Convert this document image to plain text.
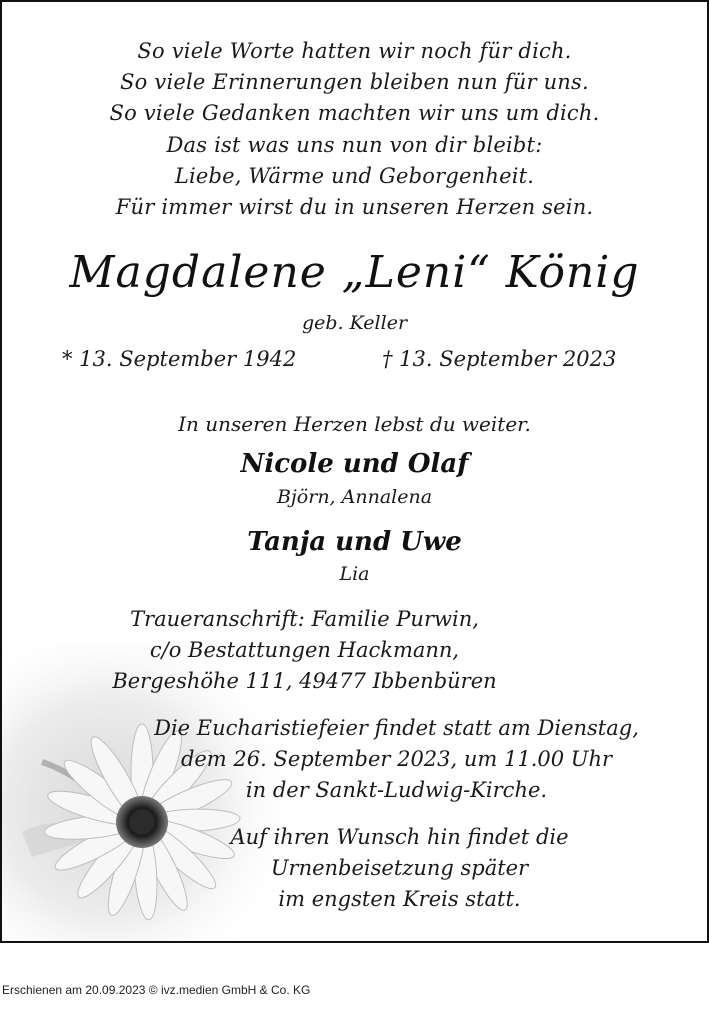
So viele Worte hatten wir noch für dich.
So viele Erinnerungen bleiben nun für uns.
So viele Gedanken machten wir uns um dich.
Das ist was uns nun von dir bleibt:
Liebe, Wärme und Geborgenheit.
Für immer wirst du in unseren Herzen sein.
Magdalene „Leni“ König
geb. Keller
* 13. September 1942	† 13. September 2023
In unseren Herzen lebst du weiter.
Nicole und Olaf
Björn, Annalena
Tanja und Uwe
Lia
Traueranschrift: Familie Purwin,
c/o Bestattungen Hackmann,
Bergeshöhe 111, 49477 Ibbenbüren
Die Eucharistiefeier findet statt am Dienstag,
dem 26. September 2023, um 11.00 Uhr
in der Sankt-Ludwig-Kirche.
Auf ihren Wunsch hin findet die
Urnenbeisetzung später
im engsten Kreis statt.
Erschienen am 20.09.2023 © ivz.medien GmbH & Co. KG
